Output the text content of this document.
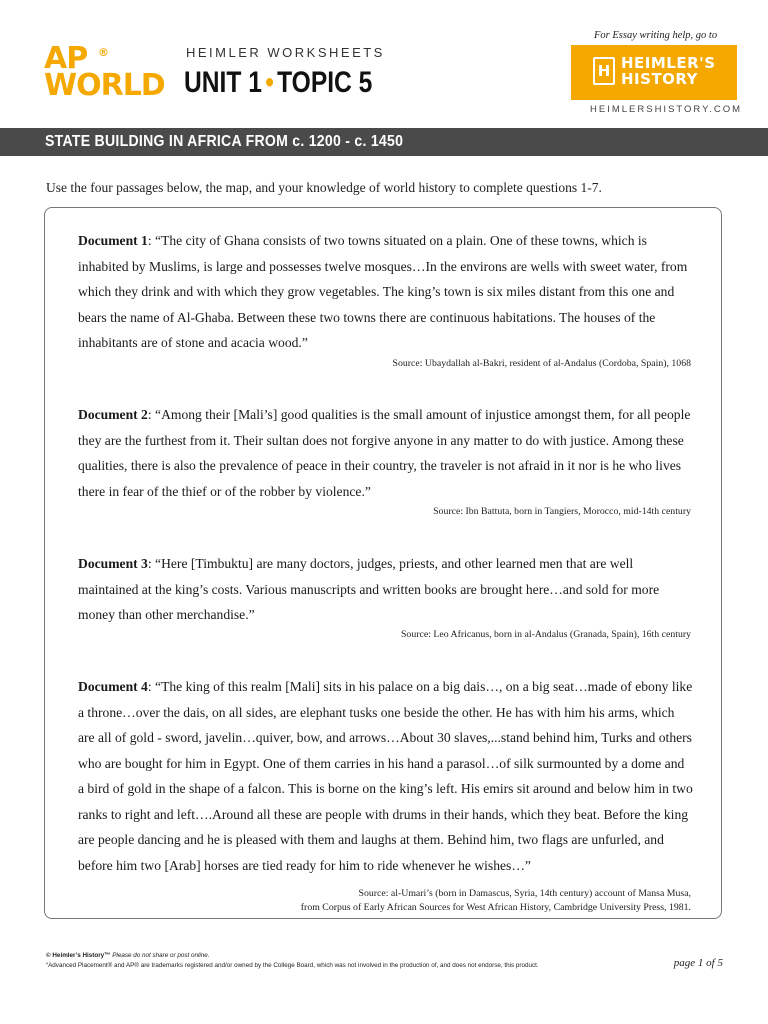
AP ®
WORLD
HEIMLER WORKSHEETS
UNIT 1 • TOPIC 5
For Essay writing help, go to
H HEIMLER'S
HISTORY
HEIMLERSHISTORY.COM
STATE BUILDING IN AFRICA FROM c. 1200 - c. 1450
Use the four passages below, the map, and your knowledge of world history to complete questions 1-7.
Document 1: “The city of Ghana consists of two towns situated on a plain. One of these towns, which is inhabited by Muslims, is large and possesses twelve mosques…In the environs are wells with sweet water, from which they drink and with which they grow vegetables. The king’s town is six miles distant from this one and bears the name of Al-Ghaba. Between these two towns there are continuous habitations. The houses of the inhabitants are of stone and acacia wood.”
Source: Ubaydallah al-Bakri, resident of al-Andalus (Cordoba, Spain), 1068
Document 2: “Among their [Mali’s] good qualities is the small amount of injustice amongst them, for all people they are the furthest from it. Their sultan does not forgive anyone in any matter to do with justice. Among these qualities, there is also the prevalence of peace in their country, the traveler is not afraid in it nor is he who lives there in fear of the thief or of the robber by violence.”
Source: Ibn Battuta, born in Tangiers, Morocco, mid-14th century
Document 3: “Here [Timbuktu] are many doctors, judges, priests, and other learned men that are well maintained at the king’s costs. Various manuscripts and written books are brought here…and sold for more money than other merchandise.”
Source: Leo Africanus, born in al-Andalus (Granada, Spain), 16th century
Document 4: “The king of this realm [Mali] sits in his palace on a big dais…, on a big seat…made of ebony like a throne…over the dais, on all sides, are elephant tusks one beside the other. He has with him his arms, which are all of gold - sword, javelin…quiver, bow, and arrows…About 30 slaves,...stand behind him, Turks and others who are bought for him in Egypt. One of them carries in his hand a parasol…of silk surmounted by a dome and a bird of gold in the shape of a falcon. This is borne on the king’s left. His emirs sit around and below him in two ranks to right and left….Around all these are people with drums in their hands, which they beat. Before the king are people dancing and he is pleased with them and laughs at them. Behind him, two flags are unfurled, and before him two [Arab] horses are tied ready for him to ride whenever he wishes…”
Source: al-Umari’s (born in Damascus, Syria, 14th century) account of Mansa Musa,
from Corpus of Early African Sources for West African History, Cambridge University Press, 1981.
© Heimler’s History™ Please do not share or post online.
“Advanced Placement® and AP® are trademarks registered and/or owned by the College Board, which was not involved in the production of, and does not endorse, this product.	page 1 of 5
